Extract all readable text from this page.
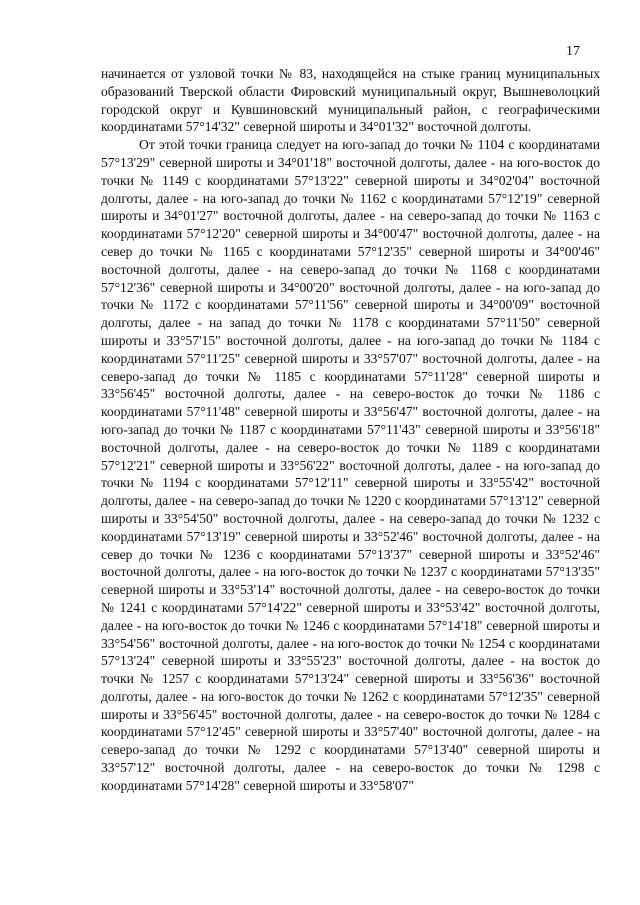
17

начинается от узловой точки № 83, находящейся на стыке границ муниципальных образований Тверской области Фировский муниципальный округ, Вышневолоцкий городской округ и Кувшиновский муниципальный район, с географическими координатами 57°14'32" северной широты и 34°01'32" восточной долготы.

От этой точки граница следует на юго-запад до точки № 1104 с координатами 57°13'29" северной широты и 34°01'18" восточной долготы, далее - на юго-восток до точки № 1149 с координатами 57°13'22" северной широты и 34°02'04" восточной долготы, далее - на юго-запад до точки № 1162 с координатами 57°12'19" северной широты и 34°01'27" восточной долготы, далее - на северо-запад до точки № 1163 с координатами 57°12'20" северной широты и 34°00'47" восточной долготы, далее - на север до точки № 1165 с координатами 57°12'35" северной широты и 34°00'46" восточной долготы, далее - на северо-запад до точки № 1168 с координатами 57°12'36" северной широты и 34°00'20" восточной долготы, далее - на юго-запад до точки № 1172 с координатами 57°11'56" северной широты и 34°00'09" восточной долготы, далее - на запад до точки № 1178 с координатами 57°11'50" северной широты и 33°57'15" восточной долготы, далее - на юго-запад до точки № 1184 с координатами 57°11'25" северной широты и 33°57'07" восточной долготы, далее - на северо-запад до точки № 1185 с координатами 57°11'28" северной широты и 33°56'45" восточной долготы, далее - на северо-восток до точки № 1186 с координатами 57°11'48" северной широты и 33°56'47" восточной долготы, далее - на юго-запад до точки № 1187 с координатами 57°11'43" северной широты и 33°56'18" восточной долготы, далее - на северо-восток до точки № 1189 с координатами 57°12'21" северной широты и 33°56'22" восточной долготы, далее - на юго-запад до точки № 1194 с координатами 57°12'11" северной широты и 33°55'42" восточной долготы, далее - на северо-запад до точки № 1220 с координатами 57°13'12" северной широты и 33°54'50" восточной долготы, далее - на северо-запад до точки № 1232 с координатами 57°13'19" северной широты и 33°52'46" восточной долготы, далее - на север до точки № 1236 с координатами 57°13'37" северной широты и 33°52'46" восточной долготы, далее - на юго-восток до точки № 1237 с координатами 57°13'35" северной широты и 33°53'14" восточной долготы, далее - на северо-восток до точки № 1241 с координатами 57°14'22" северной широты и 33°53'42" восточной долготы, далее - на юго-восток до точки № 1246 с координатами 57°14'18" северной широты и 33°54'56" восточной долготы, далее - на юго-восток до точки № 1254 с координатами 57°13'24" северной широты и 33°55'23" восточной долготы, далее - на восток до точки № 1257 с координатами 57°13'24" северной широты и 33°56'36" восточной долготы, далее - на юго-восток до точки № 1262 с координатами 57°12'35" северной широты и 33°56'45" восточной долготы, далее - на северо-восток до точки № 1284 с координатами 57°12'45" северной широты и 33°57'40" восточной долготы, далее - на северо-запад до точки № 1292 с координатами 57°13'40" северной широты и 33°57'12" восточной долготы, далее - на северо-восток до точки № 1298 с координатами 57°14'28" северной широты и 33°58'07"
